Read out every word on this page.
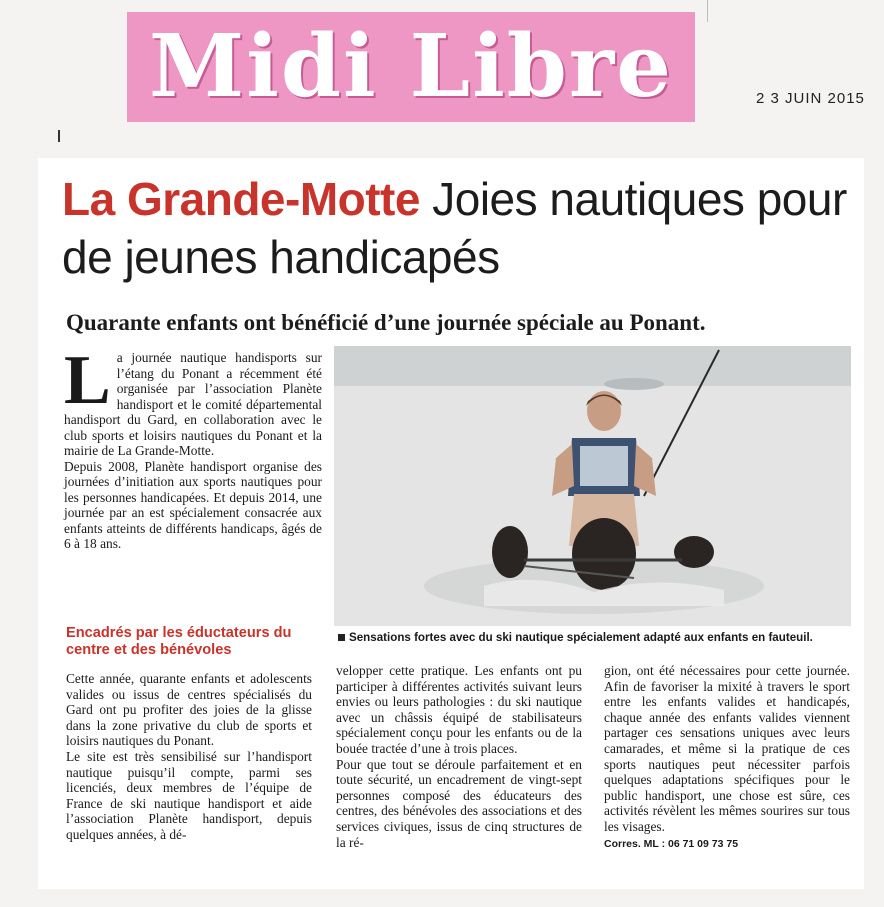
Midi Libre	2 3 JUIN 2015
La Grande-Motte Joies nautiques pour de jeunes handicapés
Quarante enfants ont bénéficié d’une journée spéciale au Ponant.
L a journée nautique handisports sur l’étang du Ponant a récemment été organisée par l’association Planète handisport et le comité départemental handisport du Gard, en collaboration avec le club sports et loisirs nautiques du Ponant et la mairie de La Grande-Motte.

Depuis 2008, Planète handisport organise des journées d’initiation aux sports nautiques pour les personnes handicapées. Et depuis 2014, une journée par an est spécialement consacrée aux enfants atteints de différents handicaps, âgés de 6 à 18 ans.

Sensations fortes avec du ski nautique spécialement adapté aux enfants en fauteuil.
Encadrés par les éductateurs du centre et des bénévoles

Cette année, quarante enfants et adolescents valides ou issus de centres spécialisés du Gard ont pu profiter des joies de la glisse dans la zone privative du club de sports et loisirs nautiques du Ponant.

Le site est très sensibilisé sur l’handisport nautique puisqu’il compte, parmi ses licenciés, deux membres de l’équipe de France de ski nautique handisport et aide l’association Planète handisport, depuis quelques années, à dé-

velopper cette pratique. Les enfants ont pu participer à différentes activités suivant leurs envies ou leurs pathologies : du ski nautique avec un châssis équipé de stabilisateurs spécialement conçu pour les enfants ou de la bouée tractée d’une à trois places.

Pour que tout se déroule parfaitement et en toute sécurité, un encadrement de vingt-sept personnes composé des éducateurs des centres, des bénévoles des associations et des services civiques, issus de cinq structures de la ré-

gion, ont été nécessaires pour cette journée. Afin de favoriser la mixité à travers le sport entre les enfants valides et handicapés, chaque année des enfants valides viennent partager ces sensations uniques avec leurs camarades, et même si la pratique de ces sports nautiques peut nécessiter parfois quelques adaptations spécifiques pour le public handisport, une chose est sûre, ces activités révèlent les mêmes sourires sur tous les visages.

Corres. ML : 06 71 09 73 75
